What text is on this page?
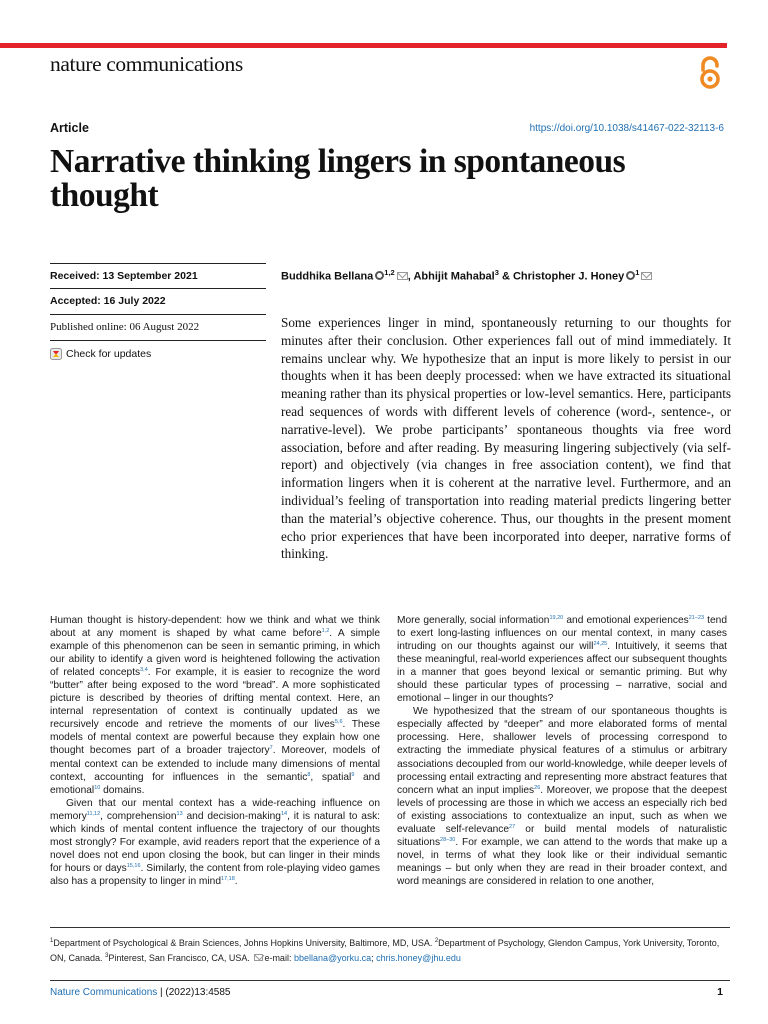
nature communications
Article	https://doi.org/10.1038/s41467-022-32113-6
Narrative thinking lingers in spontaneous thought
Received: 13 September 2021
Accepted: 16 July 2022
Published online: 06 August 2022
Check for updates
Buddhika Bellana $^{1,2}$ , Abhijit Mahabal$^3$ & Christopher J. Honey $^1$
Some experiences linger in mind, spontaneously returning to our thoughts for minutes after their conclusion. Other experiences fall out of mind immediately. It remains unclear why. We hypothesize that an input is more likely to persist in our thoughts when it has been deeply processed: when we have extracted its situational meaning rather than its physical properties or low-level semantics. Here, participants read sequences of words with different levels of coherence (word-, sentence-, or narrative-level). We probe participants’ spontaneous thoughts via free word association, before and after reading. By measuring lingering subjectively (via self-report) and objectively (via changes in free association content), we find that information lingers when it is coherent at the narrative level. Furthermore, and an individual’s feeling of transportation into reading material predicts lingering better than the material’s objective coherence. Thus, our thoughts in the present moment echo prior experiences that have been incorporated into deeper, narrative forms of thinking.

Human thought is history-dependent: how we think and what we think about at any moment is shaped by what came before$^{1,2}$. A simple example of this phenomenon can be seen in semantic priming, in which our ability to identify a given word is heightened following the activation of related concepts$^{3,4}$. For example, it is easier to recognize the word “butter” after being exposed to the word “bread”. A more sophisticated picture is described by theories of drifting mental context. Here, an internal representation of context is continually updated as we recursively encode and retrieve the moments of our lives$^{5,6}$. These models of mental context are powerful because they explain how one thought becomes part of a broader trajectory$^7$. Moreover, models of mental context can be extended to include many dimensions of mental context, accounting for influences in the semantic$^8$, spatial$^9$ and emotional$^{10}$ domains.

Given that our mental context has a wide-reaching influence on memory$^{11,12}$, comprehension$^{13}$ and decision-making$^{14}$, it is natural to ask: which kinds of mental content influence the trajectory of our thoughts most strongly? For example, avid readers report that the experience of a novel does not end upon closing the book, but can linger in their minds for hours or days$^{15,16}$. Similarly, the content from role-playing video games also has a propensity to linger in mind$^{17,18}$.

More generally, social information$^{19,20}$ and emotional experiences$^{21-23}$ tend to exert long-lasting influences on our mental context, in many cases intruding on our thoughts against our will$^{24,25}$. Intuitively, it seems that these meaningful, real-world experiences affect our subsequent thoughts in a manner that goes beyond lexical or semantic priming. But why should these particular types of processing – narrative, social and emotional – linger in our thoughts?

We hypothesized that the stream of our spontaneous thoughts is especially affected by “deeper” and more elaborated forms of mental processing. Here, shallower levels of processing correspond to extracting the immediate physical features of a stimulus or arbitrary associations decoupled from our world-knowledge, while deeper levels of processing entail extracting and representing more abstract features that concern what an input implies$^{26}$. Moreover, we propose that the deepest levels of processing are those in which we access an especially rich bed of existing associations to contextualize an input, such as when we evaluate self-relevance$^{27}$ or build mental models of naturalistic situations$^{28-30}$. For example, we can attend to the words that make up a novel, in terms of what they look like or their individual semantic meanings – but only when they are read in their broader context, and word meanings are considered in relation to one another,

$^1$Department of Psychological & Brain Sciences, Johns Hopkins University, Baltimore, MD, USA. $^2$Department of Psychology, Glendon Campus, York University, Toronto, ON, Canada. $^3$Pinterest, San Francisco, CA, USA. e-mail: bbellana@yorku.ca; chris.honey@jhu.edu
Nature Communications | (2022)13:4585	1
